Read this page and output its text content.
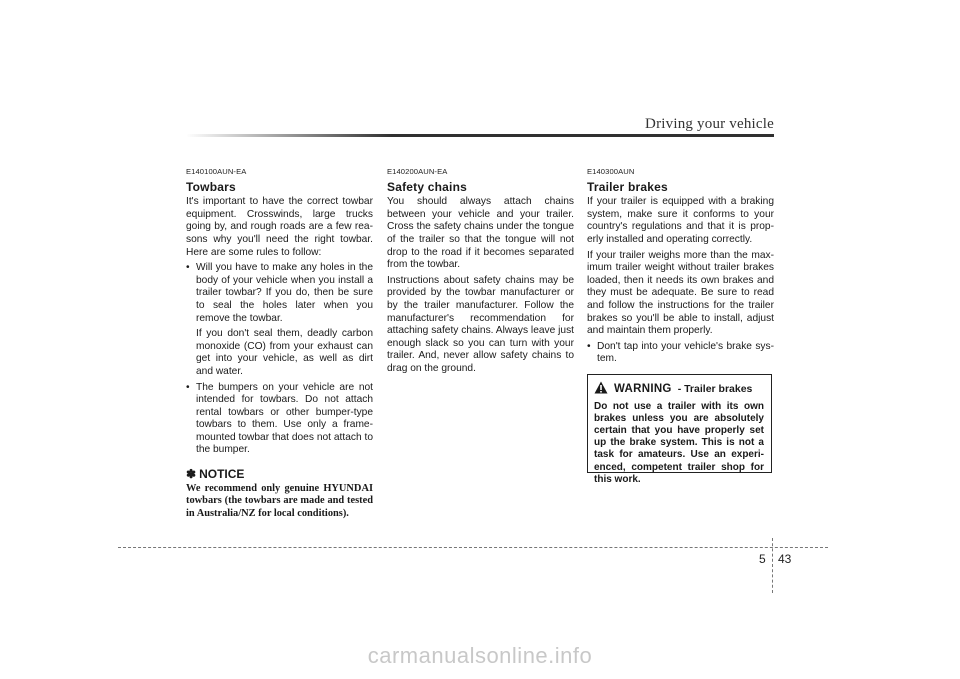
Driving your vehicle
E140100AUN-EA
Towbars

It's important to have the correct towbar equipment. Crosswinds, large trucks going by, and rough roads are a few rea-sons why you'll need the right towbar. Here are some rules to follow:

• Will you have to make any holes in the body of your vehicle when you install a trailer towbar? If you do, then be sure to seal the holes later when you remove the towbar.

If you don't seal them, deadly carbon monoxide (CO) from your exhaust can get into your vehicle, as well as dirt and water.

• The bumpers on your vehicle are not intended for towbars. Do not attach rental towbars or other bumper-type towbars to them. Use only a frame-mounted towbar that does not attach to the bumper.

✽ NOTICE
We recommend only genuine HYUNDAI towbars (the towbars are made and tested in Australia/NZ for local conditions).
E140200AUN-EA
Safety chains

You should always attach chains between your vehicle and your trailer. Cross the safety chains under the tongue of the trailer so that the tongue will not drop to the road if it becomes separated from the towbar.

Instructions about safety chains may be provided by the towbar manufacturer or by the trailer manufacturer. Follow the manufacturer's recommendation for attaching safety chains. Always leave just enough slack so you can turn with your trailer. And, never allow safety chains to drag on the ground.

E140300AUN
Trailer brakes

If your trailer is equipped with a braking system, make sure it conforms to your country's regulations and that it is prop-erly installed and operating correctly.

If your trailer weighs more than the max-imum trailer weight without trailer brakes loaded, then it needs its own brakes and they must be adequate. Be sure to read and follow the instructions for the trailer brakes so you'll be able to install, adjust and maintain them properly.

• Don't tap into your vehicle's brake sys-tem.
WARNING - Trailer brakes
Do not use a trailer with its own brakes unless you are absolutely certain that you have properly set up the brake system. This is not a task for amateurs. Use an experi-enced, competent trailer shop for this work.
5 43
carmanualsonline.info
